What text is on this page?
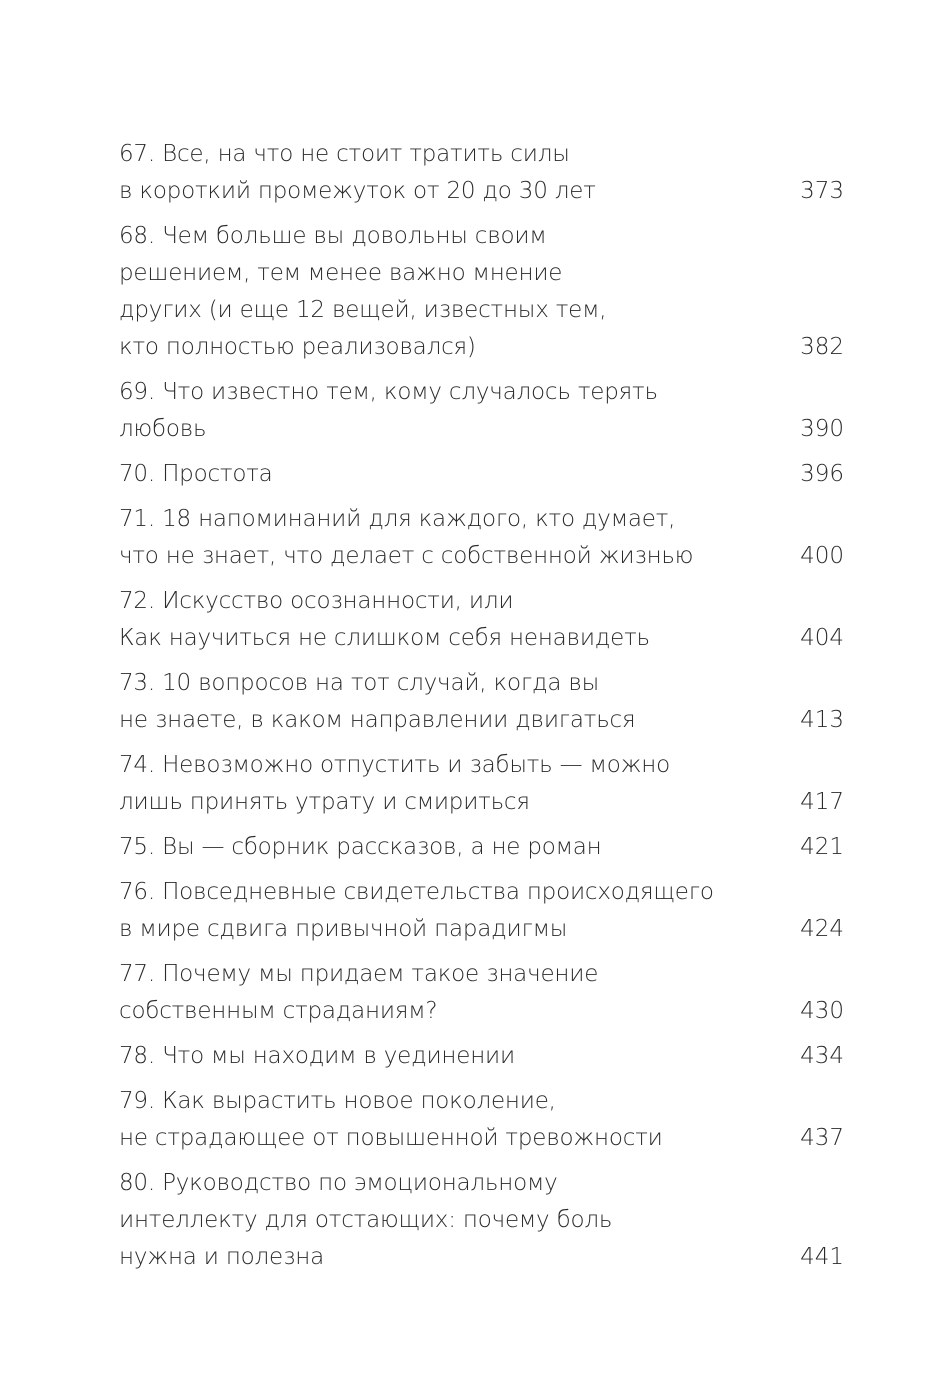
67. Все, на что не стоит тратить силы
в короткий промежуток от 20 до 30 лет	373
68. Чем больше вы довольны своим
решением, тем менее важно мнение
других (и еще 12 вещей, известных тем,
кто полностью реализовался)	382
69. Что известно тем, кому случалось терять
любовь	390
70. Простота	396
71. 18 напоминаний для каждого, кто думает,
что не знает, что делает с собственной жизнью	400
72. Искусство осознанности, или
Как научиться не слишком себя ненавидеть	404
73. 10 вопросов на тот случай, когда вы
не знаете, в каком направлении двигаться	413
74. Невозможно отпустить и забыть — можно
лишь принять утрату и смириться	417
75. Вы — сборник рассказов, а не роман	421
76. Повседневные свидетельства происходящего
в мире сдвига привычной парадигмы	424
77. Почему мы придаем такое значение
собственным страданиям?	430
78. Что мы находим в уединении	434
79. Как вырастить новое поколение,
не страдающее от повышенной тревожности	437
80. Руководство по эмоциональному
интеллекту для отстающих: почему боль
нужна и полезна	441
